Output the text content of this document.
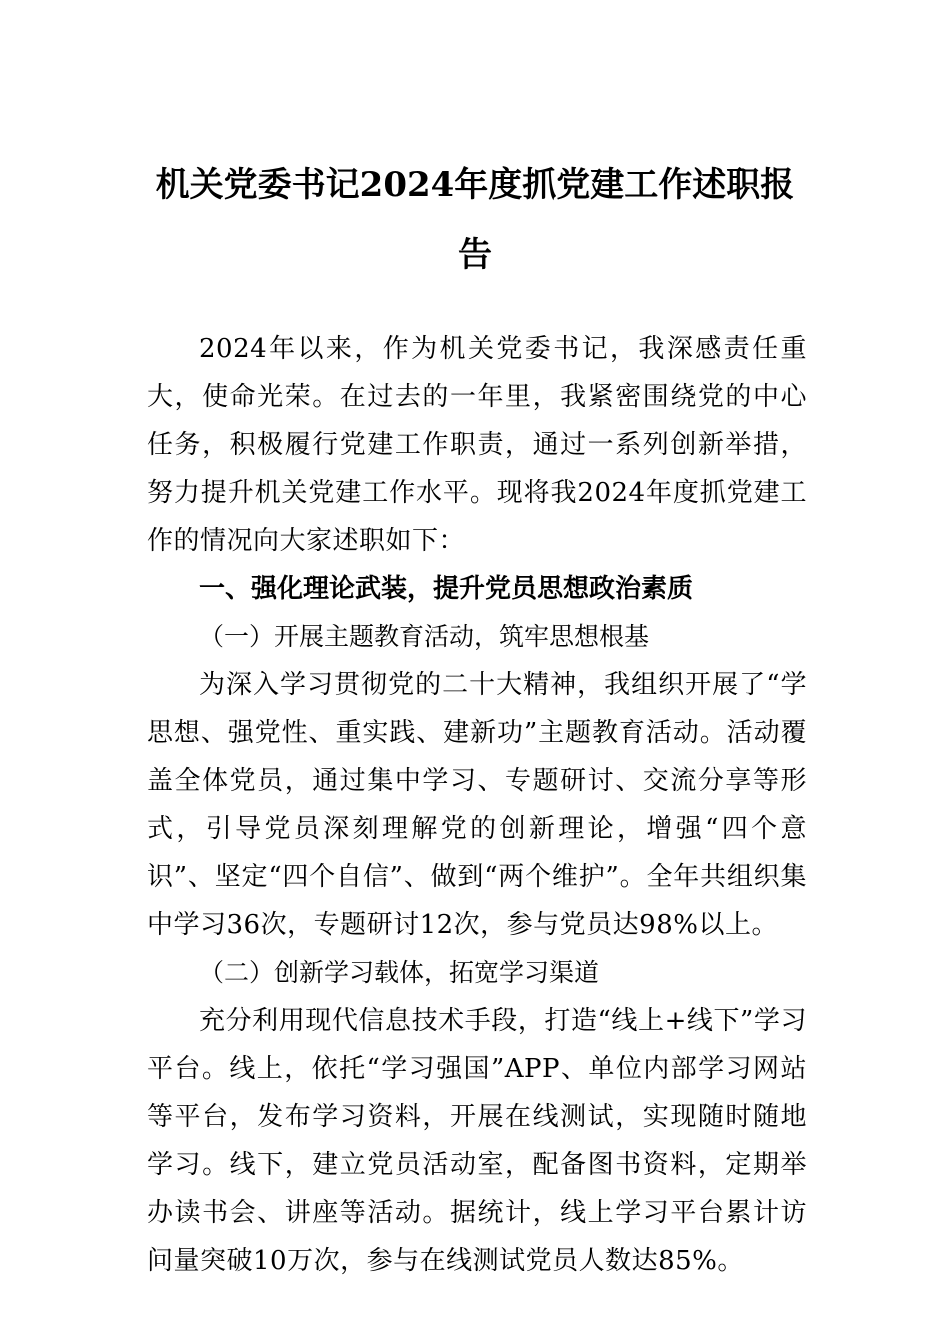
机关党委书记2024年度抓党建工作述职报告

2024年以来，作为机关党委书记，我深感责任重大，使命光荣。在过去的一年里，我紧密围绕党的中心任务，积极履行党建工作职责，通过一系列创新举措，努力提升机关党建工作水平。现将我2024年度抓党建工作的情况向大家述职如下：

一、强化理论武装，提升党员思想政治素质
（一）开展主题教育活动，筑牢思想根基

为深入学习贯彻党的二十大精神，我组织开展了“学思想、强党性、重实践、建新功”主题教育活动。活动覆盖全体党员，通过集中学习、专题研讨、交流分享等形式，引导党员深刻理解党的创新理论，增强“四个意识”、坚定“四个自信”、做到“两个维护”。全年共组织集中学习36次，专题研讨12次，参与党员达98%以上。

（二）创新学习载体，拓宽学习渠道

充分利用现代信息技术手段，打造“线上+线下”学习平台。线上，依托“学习强国”APP、单位内部学习网站等平台，发布学习资料，开展在线测试，实现随时随地学习。线下，建立党员活动室，配备图书资料，定期举办读书会、讲座等活动。据统计，线上学习平台累计访问量突破10万次，参与在线测试党员人数达85%。
